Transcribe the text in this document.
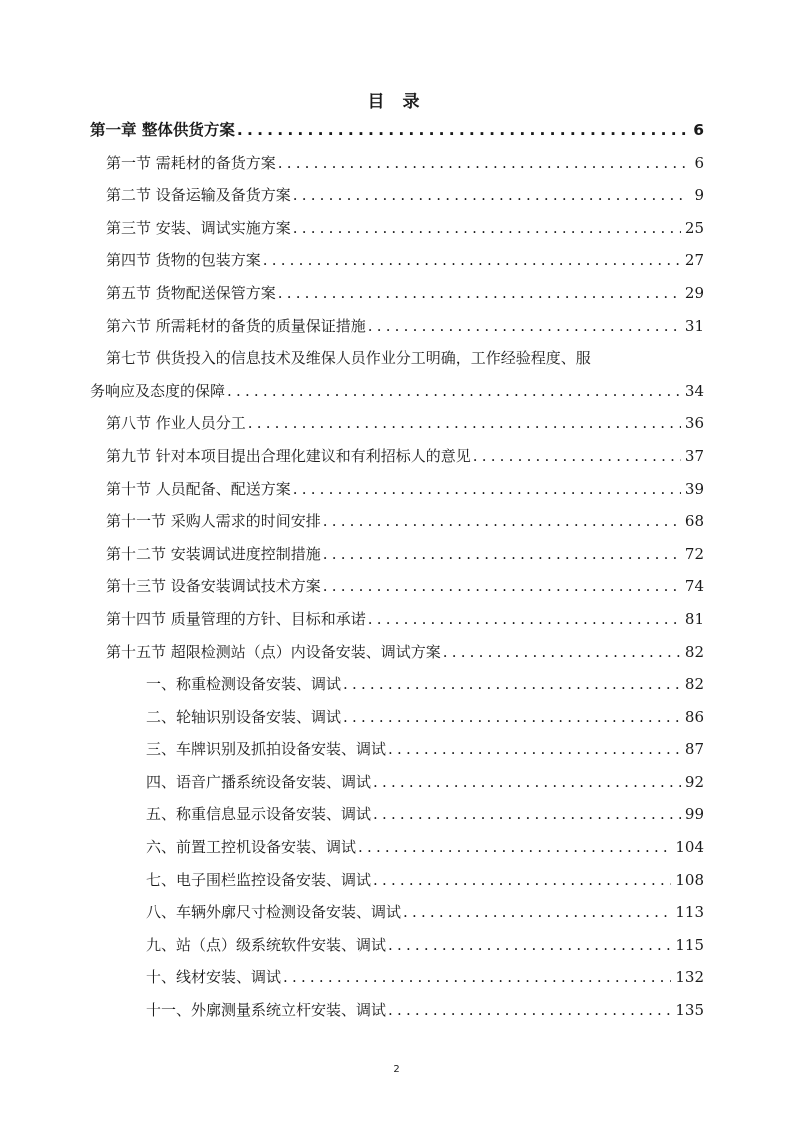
目 录
第一章 整体供货方案 .....	6
第一节 需耗材的备货方案 .....	6
第二节 设备运输及备货方案 .....	9
第三节 安装、调试实施方案 .....	25
第四节 货物的包装方案 .....	27
第五节 货物配送保管方案 .....	29
第六节 所需耗材的备货的质量保证措施 .....	31
第七节 供货投入的信息技术及维保人员作业分工明确，工作经验程度、服
务响应及态度的保障 .....	34
第八节 作业人员分工 .....	36
第九节 针对本项目提出合理化建议和有利招标人的意见 .....	37
第十节 人员配备、配送方案 .....	39
第十一节 采购人需求的时间安排 .....	68
第十二节 安装调试进度控制措施 .....	72
第十三节 设备安装调试技术方案 .....	74
第十四节 质量管理的方针、目标和承诺 .....	81
第十五节 超限检测站（点）内设备安装、调试方案 .....	82
一、称重检测设备安装、调试 .....	82
二、轮轴识别设备安装、调试 .....	86
三、车牌识别及抓拍设备安装、调试 .....	87
四、语音广播系统设备安装、调试 .....	92
五、称重信息显示设备安装、调试 .....	99
六、前置工控机设备安装、调试 .....	104
七、电子围栏监控设备安装、调试 .....	108
八、车辆外廓尺寸检测设备安装、调试 .....	113
九、站（点）级系统软件安装、调试 .....	115
十、线材安装、调试 .....	132
十一、外廓测量系统立杆安装、调试 .....	135
2
